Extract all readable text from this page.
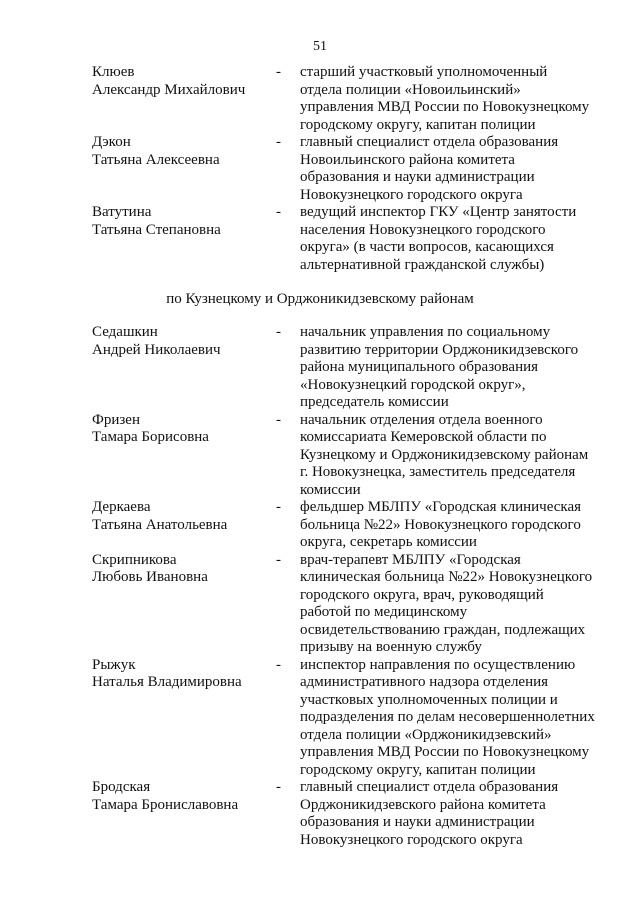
51
Клюев
Александр Михайлович
-	старший участковый уполномоченный
отдела полиции «Новоильинский»
управления МВД России по Новокузнецкому
городскому округу, капитан полиции
Дэкон
Татьяна Алексеевна
-	главный специалист отдела образования
Новоильинского района комитета
образования и науки администрации
Новокузнецкого городского округа
Ватутина
Татьяна Степановна
-	ведущий инспектор ГКУ «Центр занятости
населения Новокузнецкого городского
округа» (в части вопросов, касающихся
альтернативной гражданской службы)
по Кузнецкому и Орджоникидзевскому районам
Седашкин
Андрей Николаевич
-	начальник управления по социальному
развитию территории Орджоникидзевского
района муниципального образования
«Новокузнецкий городской округ»,
председатель комиссии
Фризен
Тамара Борисовна
-	начальник отделения отдела военного
комиссариата Кемеровской области по
Кузнецкому и Орджоникидзевскому районам
г. Новокузнецка, заместитель председателя
комиссии
Деркаева
Татьяна Анатольевна
-	фельдшер МБЛПУ «Городская клиническая
больница №22» Новокузнецкого городского
округа, секретарь комиссии
Скрипникова
Любовь Ивановна
-	врач-терапевт МБЛПУ «Городская
клиническая больница №22» Новокузнецкого
городского округа, врач, руководящий
работой по медицинскому
освидетельствованию граждан, подлежащих
призыву на военную службу
Рыжук
Наталья Владимировна
-	инспектор направления по осуществлению
административного надзора отделения
участковых уполномоченных полиции и
подразделения по делам несовершеннолетних
отдела полиции «Орджоникидзевский»
управления МВД России по Новокузнецкому
городскому округу, капитан полиции
Бродская
Тамара Брониславовна
-	главный специалист отдела образования
Орджоникидзевского района комитета
образования и науки администрации
Новокузнецкого городского округа
